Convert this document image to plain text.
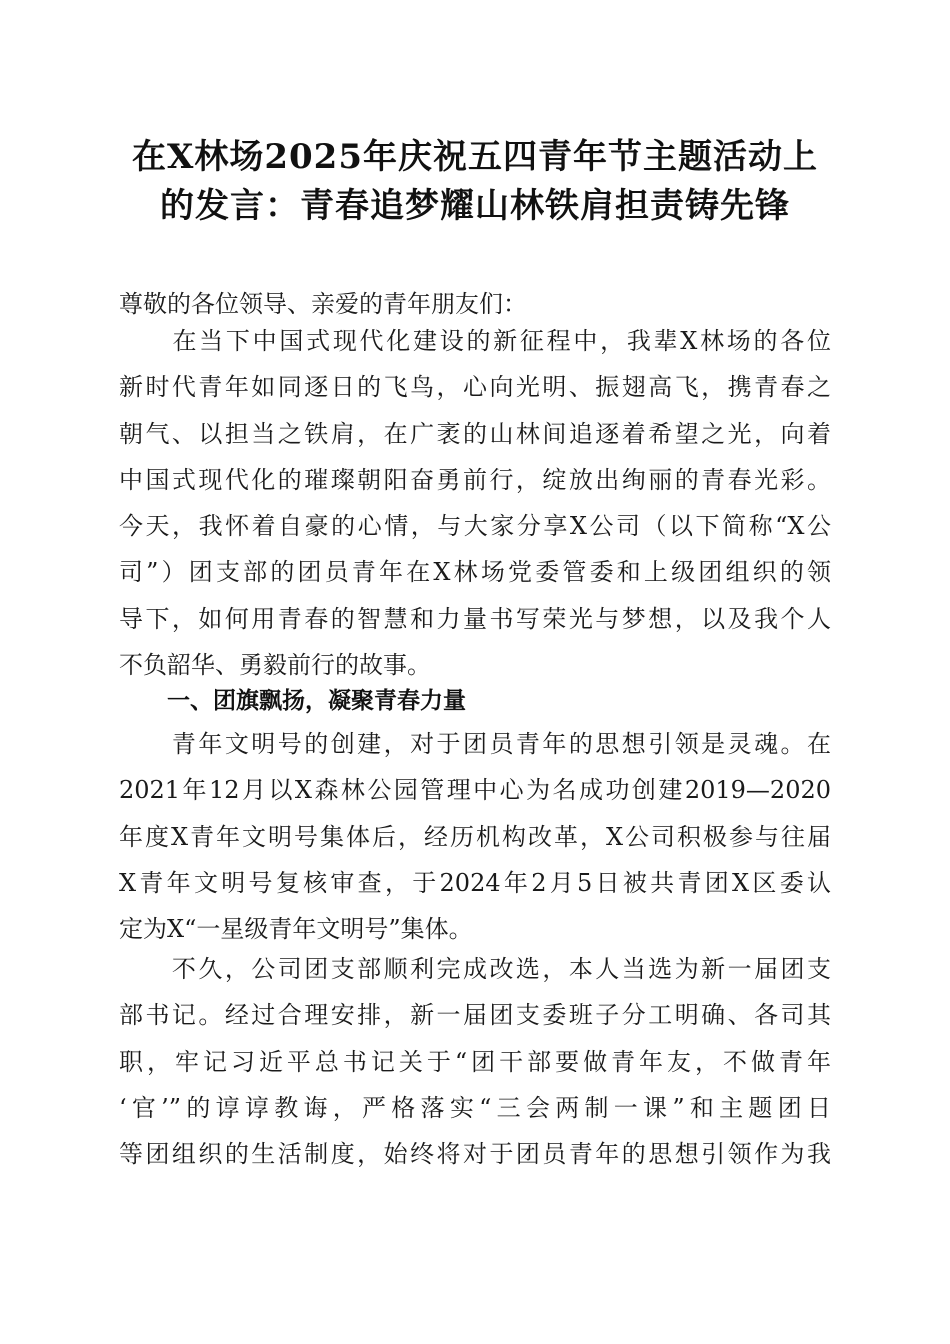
在X林场2025年庆祝五四青年节主题活动上
的发言：青春追梦耀山林铁肩担责铸先锋
尊敬的各位领导、亲爱的青年朋友们：
　　在当下中国式现代化建设的新征程中，我辈X林场的各位
新时代青年如同逐日的飞鸟，心向光明、振翅高飞，携青春之
朝气、以担当之铁肩，在广袤的山林间追逐着希望之光，向着
中国式现代化的璀璨朝阳奋勇前行，绽放出绚丽的青春光彩。
今天，我怀着自豪的心情，与大家分享X公司（以下简称“X公
司”）团支部的团员青年在X林场党委管委和上级团组织的领
导下，如何用青春的智慧和力量书写荣光与梦想，以及我个人
不负韶华、勇毅前行的故事。
一、团旗飘扬，凝聚青春力量
　　青年文明号的创建，对于团员青年的思想引领是灵魂。在
2021年12月以X森林公园管理中心为名成功创建2019—2020
年度X青年文明号集体后，经历机构改革，X公司积极参与往届
X青年文明号复核审查，于2024年2月5日被共青团X区委认
定为X“一星级青年文明号”集体。
　　不久，公司团支部顺利完成改选，本人当选为新一届团支
部书记。经过合理安排，新一届团支委班子分工明确、各司其
职，牢记习近平总书记关于“团干部要做青年友，不做青年
‘官’”的谆谆教诲，严格落实“三会两制一课”和主题团日
等团组织的生活制度，始终将对于团员青年的思想引领作为我
